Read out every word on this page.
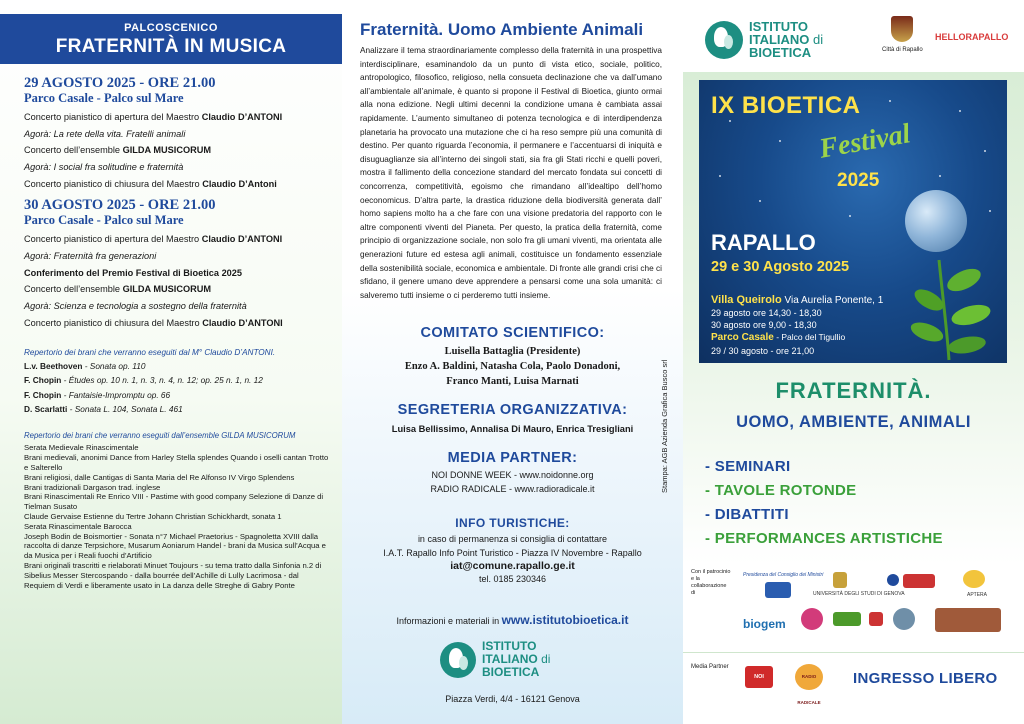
PALCOSCENICO
FRATERNITÀ IN MUSICA
29 AGOSTO 2025 - ORE 21.00
Parco Casale - Palco sul Mare
Concerto pianistico di apertura del Maestro Claudio D’ANTONI
Agorà: La rete della vita. Fratelli animali
Concerto dell’ensemble GILDA MUSICORUM
Agorà: I social fra solitudine e fraternità
Concerto pianistico di chiusura del Maestro Claudio D’Antoni
30 AGOSTO 2025 - ORE 21.00
Parco Casale - Palco sul Mare
Concerto pianistico di apertura del Maestro Claudio D’ANTONI
Agorà: Fraternità fra generazioni
Conferimento del Premio Festival di Bioetica 2025
Concerto dell’ensemble GILDA MUSICORUM
Agorà: Scienza e tecnologia a sostegno della fraternità
Concerto pianistico di chiusura del Maestro Claudio D’ANTONI
Repertorio dei brani che verranno eseguiti dal M° Claudio D’ANTONI.
L.v. Beethoven - Sonata op. 110
F. Chopin - Études op. 10 n. 1, n. 3, n. 4, n. 12; op. 25 n. 1, n. 12
F. Chopin - Fantaisie-Impromptu op. 66
D. Scarlatti - Sonata L. 104, Sonata L. 461
Repertorio dei brani che verranno eseguiti dall’ensemble GILDA MUSICORUM
Serata Medievale Rinascimentale
Brani medievali, anonimi Dance from Harley Stella splendes Quando i oselli cantan Trotto e Salterello
Brani religiosi, dalle Cantigas di Santa Maria del Re Alfonso IV Virgo Splendens
Brani tradizionali Dargason trad. inglese
Brani Rinascimentali Re Enrico VIII - Pastime with good company Selezione di Danze di Tielman Susato
Claude Gervaise Estienne du Tertre Johann Christian Schickhardt, sonata 1
Serata Rinascimentale Barocca
Joseph Bodin de Boismortier - Sonata n°7 Michael Praetorius - Spagnoletta XVIII dalla raccolta di danze Terpsichore, Musarum Aoniarum Handel - brani da Musica sull’Acqua e da Musica per i Reali fuochi d’Artificio
Brani originali trascritti e rielaborati Minuet Toujours - su tema tratto dalla Sinfonia n.2 di Sibelius Messer Stercospando - dalla bourrée dell’Achille di Lully Lacrimosa - dal Requiem di Verdi e liberamente usato in La danza delle Streghe di Gabry Ponte
Fraternità. Uomo Ambiente Animali
Analizzare il tema straordinariamente complesso della fraternità in una prospettiva interdisciplinare, esaminandolo da un punto di vista etico, sociale, politico, antropologico, filosofico, religioso, nella consueta declinazione che va dall’umano all’ambientale all’animale, è quanto si propone il Festival di Bioetica, giunto ormai alla nona edizione. Negli ultimi decenni la condizione umana è cambiata assai rapidamente. L’aumento simultaneo di potenza tecnologica e di interdipendenza planetaria ha provocato una mutazione che ci ha reso sempre più una comunità di destino. Per quanto riguarda l’economia, il permanere e l’accentuarsi di iniquità e disuguaglianze sia all’interno dei singoli stati, sia fra gli Stati ricchi e quelli poveri, mostra il fallimento della concezione standard del mercato fondata sui concetti di concorrenza, competitività, egoismo che rimandano all’idealtipo dell’homo oeconomicus. D’altra parte, la drastica riduzione della biodiversità generata dall’ homo sapiens molto ha a che fare con una visione predatoria del rapporto con le altre componenti viventi del Pianeta. Per questo, la pratica della fraternità, come principio di organizzazione sociale, non solo fra gli umani viventi, ma orientata alle generazioni future ed estesa agli animali, costituisce un fondamento essenziale della sostenibilità sociale, economica e ambientale. Di fronte alle grandi crisi che ci sfidano, il genere umano deve apprendere a pensarsi come una sola umanità: ci salveremo tutti insieme o ci perderemo tutti insieme.
COMITATO SCIENTIFICO:
Luisella Battaglia (Presidente)
Enzo A. Baldini, Natasha Cola, Paolo Donadoni,
Franco Manti, Luisa Marnati
SEGRETERIA ORGANIZZATIVA:
Luisa Bellissimo, Annalisa Di Mauro, Enrica Tresigliani
MEDIA PARTNER:
NOI DONNE WEEK - www.noidonne.org
RADIO RADICALE - www.radioradicale.it
INFO TURISTICHE:
in caso di permanenza si consiglia di contattare
I.A.T. Rapallo Info Point Turistico - Piazza IV Novembre - Rapallo
iat@comune.rapallo.ge.it
tel. 0185 230346
Informazioni e materiali in www.istitutobioetica.it
ISTITUTO
ITALIANO di
BIOETICA
Piazza Verdi, 4/4 - 16121 Genova
Stampa: AGB Azienda Grafica Busco srl
ISTITUTO
ITALIANO di
BIOETICA	Città di Rapallo
HELLORAPALLO
IX BIOETICA
Festival
2025
RAPALLO
29 e 30 Agosto 2025
Villa Queirolo Via Aurelia Ponente, 1
29 agosto ore 14,30 - 18,30
30 agosto ore 9,00 - 18,30
Parco Casale - Palco del Tigullio
29 / 30 agosto - ore 21,00
FRATERNITÀ.
UOMO, AMBIENTE, ANIMALI
- SEMINARI
- TAVOLE ROTONDE
- DIBATTITI
- PERFORMANCES ARTISTICHE
Con il patrocinio e la collaborazione di
Presidenza del Consiglio dei Ministri
UNIVERSITÀ DEGLI STUDI DI GENOVA	APTERA
biogem
Media Partner
NOI DONNE
RADIO RADICALE
INGRESSO LIBERO
